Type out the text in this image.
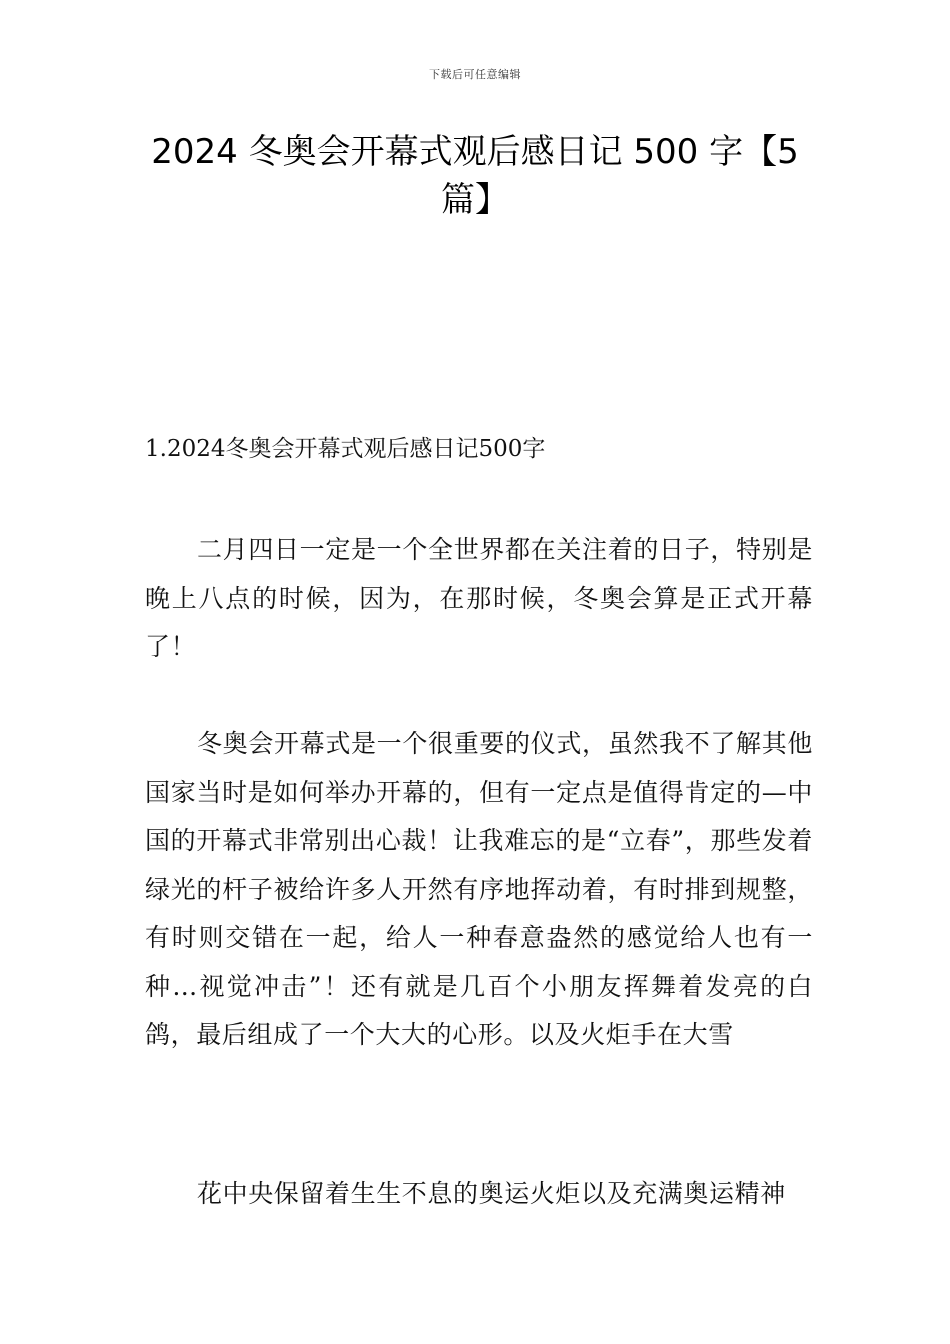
下载后可任意编辑
2024 冬奥会开幕式观后感日记 500 字【5 篇】

1.2024冬奥会开幕式观后感日记500字

二月四日一定是一个全世界都在关注着的日子，特别是晚上八点的时候，因为，在那时候，冬奥会算是正式开幕了！

冬奥会开幕式是一个很重要的仪式，虽然我不了解其他国家当时是如何举办开幕的，但有一定点是值得肯定的—中国的开幕式非常别出心裁！让我难忘的是“立春”，那些发着绿光的杆子被给许多人开然有序地挥动着，有时排到规整，有时则交错在一起，给人一种春意盎然的感觉给人也有一种…视觉冲击”！还有就是几百个小朋友挥舞着发亮的白鸽，最后组成了一个大大的心形。以及火炬手在大雪

花中央保留着生生不息的奥运火炬以及充满奥运精神
